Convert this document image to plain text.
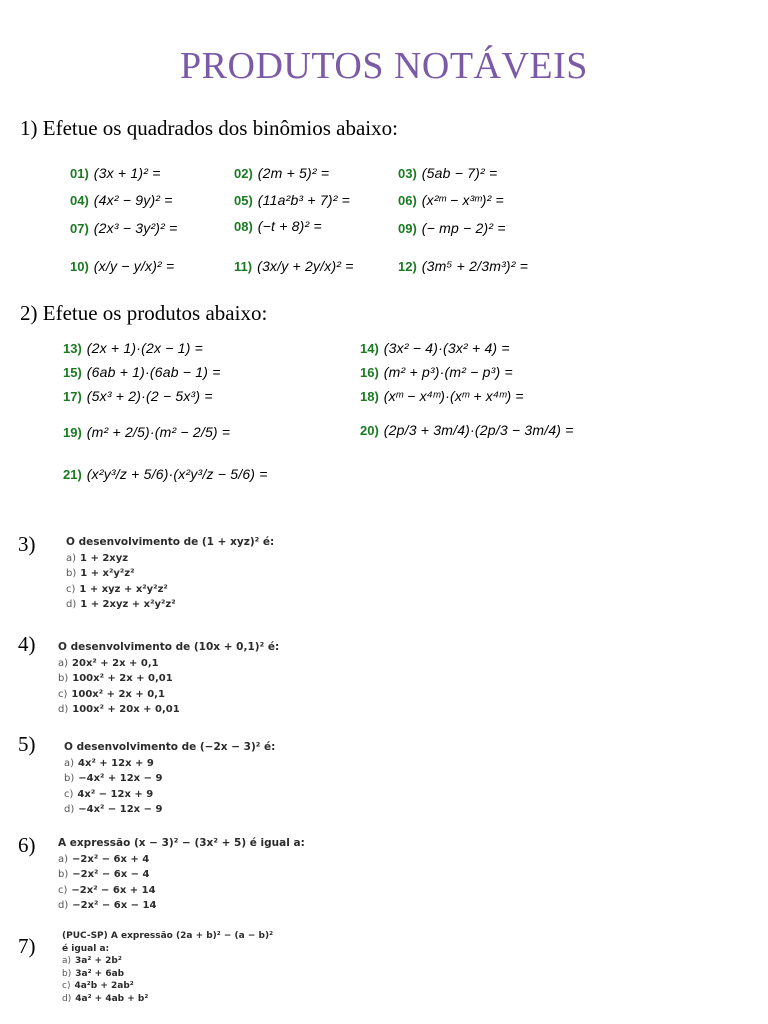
PRODUTOS NOTÁVEIS
1) Efetue os quadrados dos binômios abaixo:
01) (3x + 1)² =	02) (2m + 5)² =	03) (5ab − 7)² =
04) (4x² − 9y)² =	05) (11a²b³ + 7)² =	06) (x²ᵐ − x³ᵐ)² =
07) (2x³ − 3y²)² =	08) (−t + 8)² =	09) (− mp − 2)² =
10) (x/y − y/x)² =	11) (3x/y + 2y/x)² =	12) (3m⁵ + 2/3m³)² =
2) Efetue os produtos abaixo:
13) (2x + 1)·(2x − 1) =	14) (3x² − 4)·(3x² + 4) =
15) (6ab + 1)·(6ab − 1) =	16) (m² + p³)·(m² − p³) =
17) (5x³ + 2)·(2 − 5x³) =	18) (xᵐ − x⁴ᵐ)·(xᵐ + x⁴ᵐ) =
19) (m² + 2/5)·(m² − 2/5) =	20) (2p/3 + 3m/4)·(2p/3 − 3m/4) =
21) (x²y³/z + 5/6)·(x²y³/z − 5/6) =
3)	O desenvolvimento de (1 + xyz)² é:
a) 1 + 2xyz
b) 1 + x²y²z²
c) 1 + xyz + x²y²z²
d) 1 + 2xyz + x²y²z²
4) O desenvolvimento de (10x + 0,1)² é:
a) 20x² + 2x + 0,1
b) 100x² + 2x + 0,01
c) 100x² + 2x + 0,1
d) 100x² + 20x + 0,01
5)	O desenvolvimento de (−2x − 3)² é:
a) 4x² + 12x + 9
b) −4x² + 12x − 9
c) 4x² − 12x + 9
d) −4x² − 12x − 9
6) A expressão (x − 3)² − (3x² + 5) é igual a:
a) −2x² − 6x + 4
b) −2x² − 6x − 4
c) −2x² − 6x + 14
d) −2x² − 6x − 14
7)	(PUC-SP) A expressão (2a + b)² − (a − b)² é igual a:
a) 3a² + 2b²
b) 3a² + 6ab
c) 4a²b + 2ab²
d) 4a² + 4ab + b²
